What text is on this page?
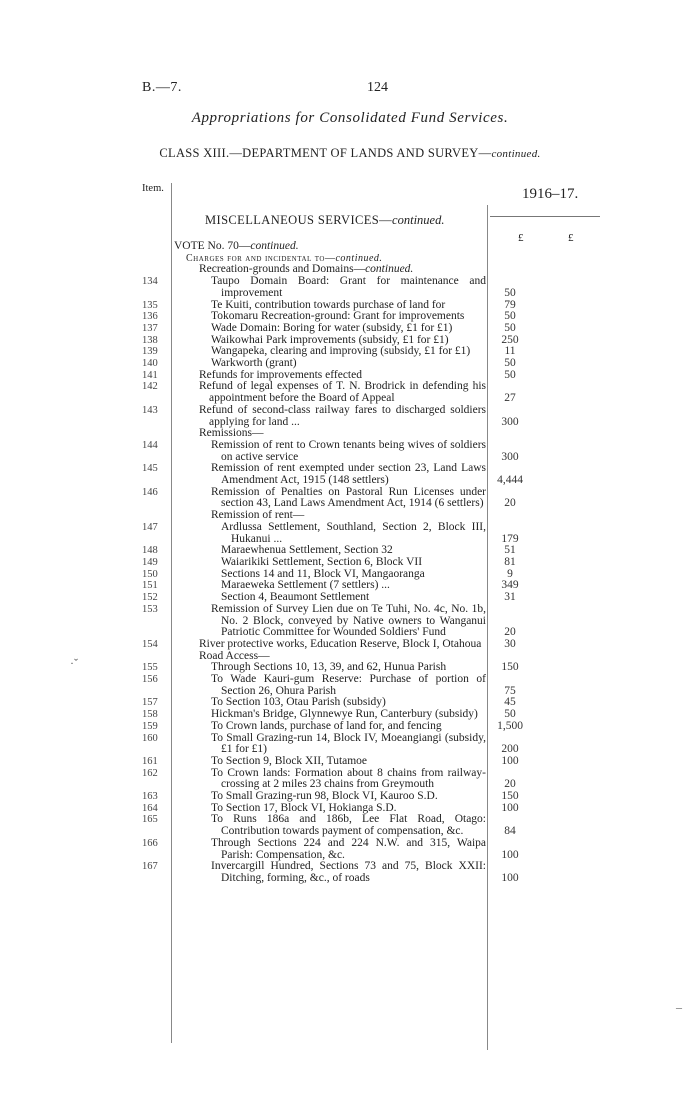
B.—7.	124
Appropriations for Consolidated Fund Services.
CLASS XIII.—DEPARTMENT OF LANDS AND SURVEY—continued.
Item.	1916–17.
£	£
MISCELLANEOUS SERVICES—continued.
VOTE No. 70—continued.
Charges for and incidental to—continued.
Recreation-grounds and Domains—continued.
134	Taupo Domain Board: Grant for maintenance and improvement	50
135	Te Kuiti, contribution towards purchase of land for	79
136	Tokomaru Recreation-ground: Grant for improvements	50
137	Wade Domain: Boring for water (subsidy, £1 for £1)	50
138	Waikowhai Park improvements (subsidy, £1 for £1)	250
139	Wangapeka, clearing and improving (subsidy, £1 for £1)	11
140	Warkworth (grant)	50
141	Refunds for improvements effected	50
142	Refund of legal expenses of T. N. Brodrick in defending his appointment before the Board of Appeal	27
143	Refund of second-class railway fares to discharged soldiers applying for land ...	300
Remissions—
144	Remission of rent to Crown tenants being wives of soldiers on active service	300
145	Remission of rent exempted under section 23, Land Laws Amendment Act, 1915 (148 settlers)	4,444
146	Remission of Penalties on Pastoral Run Licenses under section 43, Land Laws Amendment Act, 1914 (6 settlers)	20
Remission of rent—
147	Ardlussa Settlement, Southland, Section 2, Block III, Hukanui ...	179
148	Maraewhenua Settlement, Section 32	51
149	Waiarikiki Settlement, Section 6, Block VII	81
150	Sections 14 and 11, Block VI, Mangaoranga	9
151	Maraeweka Settlement (7 settlers) ...	349
152	Section 4, Beaumont Settlement	31
153	Remission of Survey Lien due on Te Tuhi, No. 4c, No. 1b, No. 2 Block, conveyed by Native owners to Wanganui Patriotic Committee for Wounded Soldiers' Fund	20
154	River protective works, Education Reserve, Block I, Otahoua	30
Road Access—
155	Through Sections 10, 13, 39, and 62, Hunua Parish	150
156	To Wade Kauri-gum Reserve: Purchase of portion of Section 26, Ohura Parish	75
157	To Section 103, Otau Parish (subsidy)	45
158	Hickman's Bridge, Glynnewye Run, Canterbury (subsidy)	50
159	To Crown lands, purchase of land for, and fencing	1,500
160	To Small Grazing-run 14, Block IV, Moeangiangi (subsidy, £1 for £1)	200
161	To Section 9, Block XII, Tutamoe	100
162	To Crown lands: Formation about 8 chains from railway-crossing at 2 miles 23 chains from Greymouth	20
163	To Small Grazing-run 98, Block VI, Kauroo S.D.	150
164	To Section 17, Block VI, Hokianga S.D.	100
165	To Runs 186a and 186b, Lee Flat Road, Otago: Contribution towards payment of compensation, &c.	84
166	Through Sections 224 and 224 N.W. and 315, Waipa Parish: Compensation, &c.	100
167	Invercargill Hundred, Sections 73 and 75, Block XXII: Ditching, forming, &c., of roads	100
·ˇ
–
